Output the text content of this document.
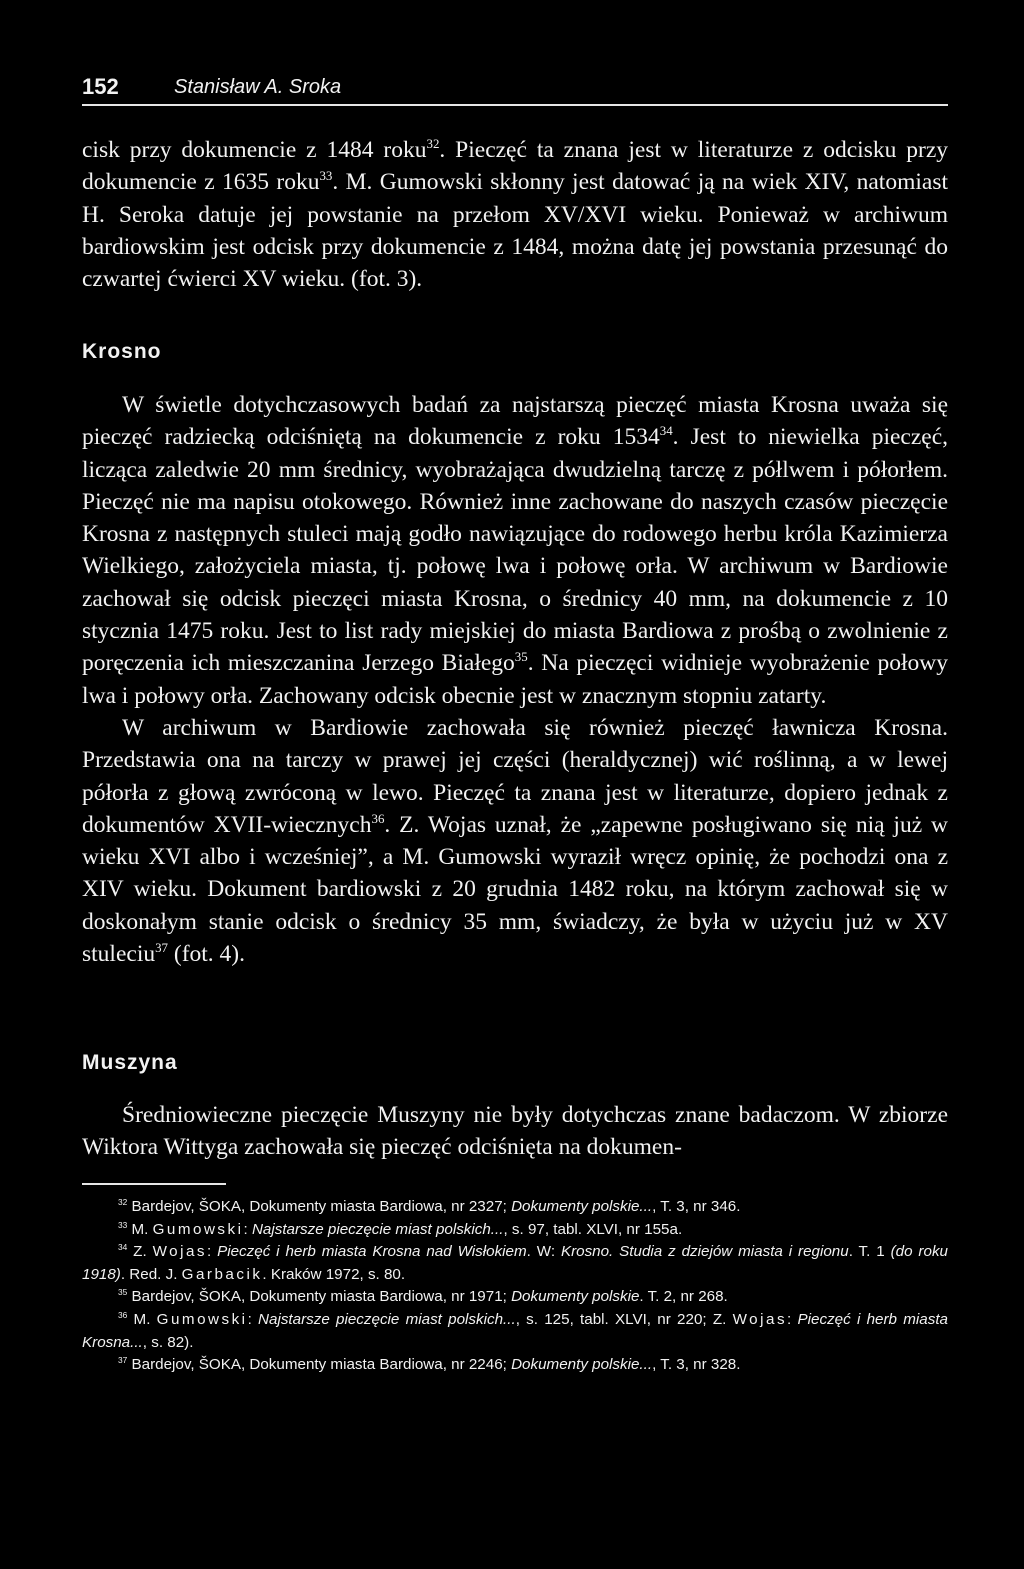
152	Stanisław A. Sroka

cisk przy dokumencie z 1484 roku$^{32}$. Pieczęć ta znana jest w literaturze z odcisku przy dokumencie z 1635 roku$^{33}$. M. Gumowski skłonny jest datować ją na wiek XIV, natomiast H. Seroka datuje jej powstanie na przełom XV/XVI wieku. Ponieważ w archiwum bardiowskim jest odcisk przy dokumencie z 1484, można datę jej powstania przesunąć do czwartej ćwierci XV wieku. (fot. 3).

Krosno

W świetle dotychczasowych badań za najstarszą pieczęć miasta Krosna uważa się pieczęć radziecką odciśniętą na dokumencie z roku 1534$^{34}$. Jest to niewielka pieczęć, licząca zaledwie 20 mm średnicy, wyobrażająca dwudzielną tarczę z półlwem i półorłem. Pieczęć nie ma napisu otokowego. Również inne zachowane do naszych czasów pieczęcie Krosna z następnych stuleci mają godło nawiązujące do rodowego herbu króla Kazimierza Wielkiego, założyciela miasta, tj. połowę lwa i połowę orła. W archiwum w Bardiowie zachował się odcisk pieczęci miasta Krosna, o średnicy 40 mm, na dokumencie z 10 stycznia 1475 roku. Jest to list rady miejskiej do miasta Bardiowa z prośbą o zwolnienie z poręczenia ich mieszczanina Jerzego Białego$^{35}$. Na pieczęci widnieje wyobrażenie połowy lwa i połowy orła. Zachowany odcisk obecnie jest w znacznym stopniu zatarty.

W archiwum w Bardiowie zachowała się również pieczęć ławnicza Krosna. Przedstawia ona na tarczy w prawej jej części (heraldycznej) wić roślinną, a w lewej półorła z głową zwróconą w lewo. Pieczęć ta znana jest w literaturze, dopiero jednak z dokumentów XVII-wiecznych$^{36}$. Z. Wojas uznał, że „zapewne posługiwano się nią już w wieku XVI albo i wcześniej”, a M. Gumowski wyraził wręcz opinię, że pochodzi ona z XIV wieku. Dokument bardiowski z 20 grudnia 1482 roku, na którym zachował się w doskonałym stanie odcisk o średnicy 35 mm, świadczy, że była w użyciu już w XV stuleciu$^{37}$ (fot. 4).

Muszyna

Średniowieczne pieczęcie Muszyny nie były dotychczas znane badaczom. W zbiorze Wiktora Wittyga zachowała się pieczęć odciśnięta na dokumen-

$^{32}$ Bardejov, ŠOKA, Dokumenty miasta Bardiowa, nr 2327; Dokumenty polskie..., T. 3, nr 346.

$^{33}$ M. Gumowski: Najstarsze pieczęcie miast polskich..., s. 97, tabl. XLVI, nr 155a.

$^{34}$ Z. Wojas: Pieczęć i herb miasta Krosna nad Wisłokiem. W: Krosno. Studia z dziejów miasta i regionu. T. 1 (do roku 1918). Red. J. Garbacik. Kraków 1972, s. 80.

$^{35}$ Bardejov, ŠOKA, Dokumenty miasta Bardiowa, nr 1971; Dokumenty polskie. T. 2, nr 268.

$^{36}$ M. Gumowski: Najstarsze pieczęcie miast polskich..., s. 125, tabl. XLVI, nr 220; Z. Wojas: Pieczęć i herb miasta Krosna..., s. 82).

$^{37}$ Bardejov, ŠOKA, Dokumenty miasta Bardiowa, nr 2246; Dokumenty polskie..., T. 3, nr 328.
